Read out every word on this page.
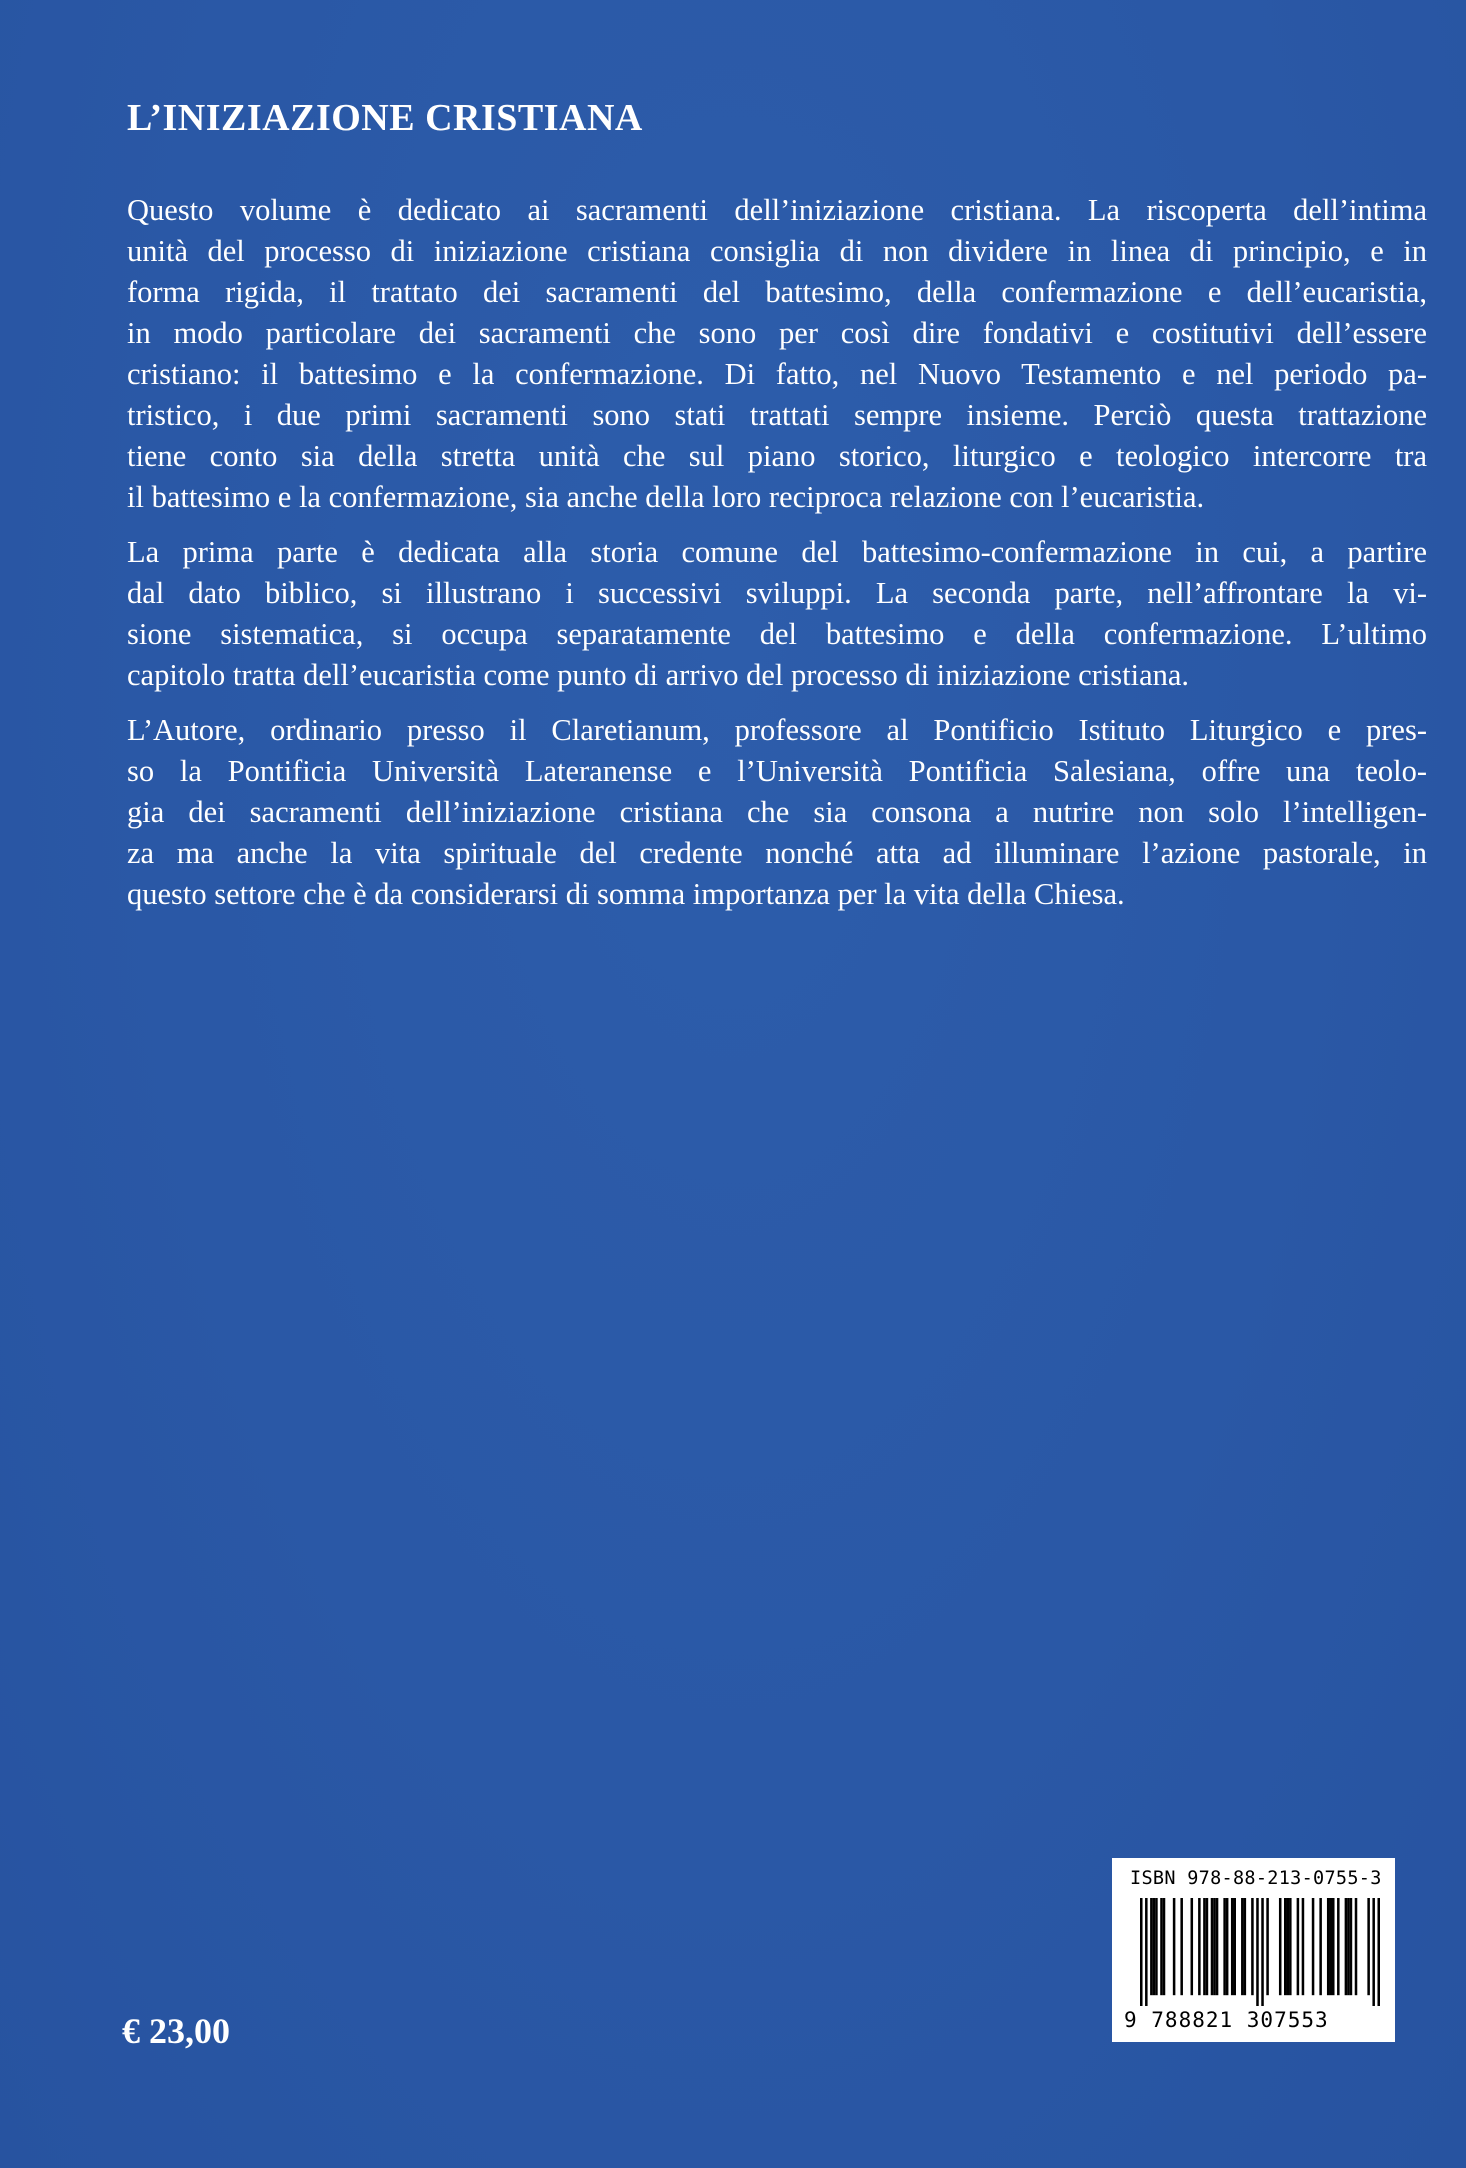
L’INIZIAZIONE CRISTIANA
Questo volume è dedicato ai sacramenti dell’iniziazione cristiana. La riscoperta dell’intima
unità del processo di iniziazione cristiana consiglia di non dividere in linea di principio, e in
forma rigida, il trattato dei sacramenti del battesimo, della confermazione e dell’eucaristia,
in modo particolare dei sacramenti che sono per così dire fondativi e costitutivi dell’essere
cristiano: il battesimo e la confermazione. Di fatto, nel Nuovo Testamento e nel periodo pa-
tristico, i due primi sacramenti sono stati trattati sempre insieme. Perciò questa trattazione
tiene conto sia della stretta unità che sul piano storico, liturgico e teologico intercorre tra
il battesimo e la confermazione, sia anche della loro reciproca relazione con l’eucaristia.
La prima parte è dedicata alla storia comune del battesimo-confermazione in cui, a partire
dal dato biblico, si illustrano i successivi sviluppi. La seconda parte, nell’affrontare la vi-
sione sistematica, si occupa separatamente del battesimo e della confermazione. L’ultimo
capitolo tratta dell’eucaristia come punto di arrivo del processo di iniziazione cristiana.
L’Autore, ordinario presso il Claretianum, professore al Pontificio Istituto Liturgico e pres-
so la Pontificia Università Lateranense e l’Università Pontificia Salesiana, offre una teolo-
gia dei sacramenti dell’iniziazione cristiana che sia consona a nutrire non solo l’intelligen-
za ma anche la vita spirituale del credente nonché atta ad illuminare l’azione pastorale, in
questo settore che è da considerarsi di somma importanza per la vita della Chiesa.
€ 23,00
ISBN 978-88-213-0755-3
9 788821 307553
